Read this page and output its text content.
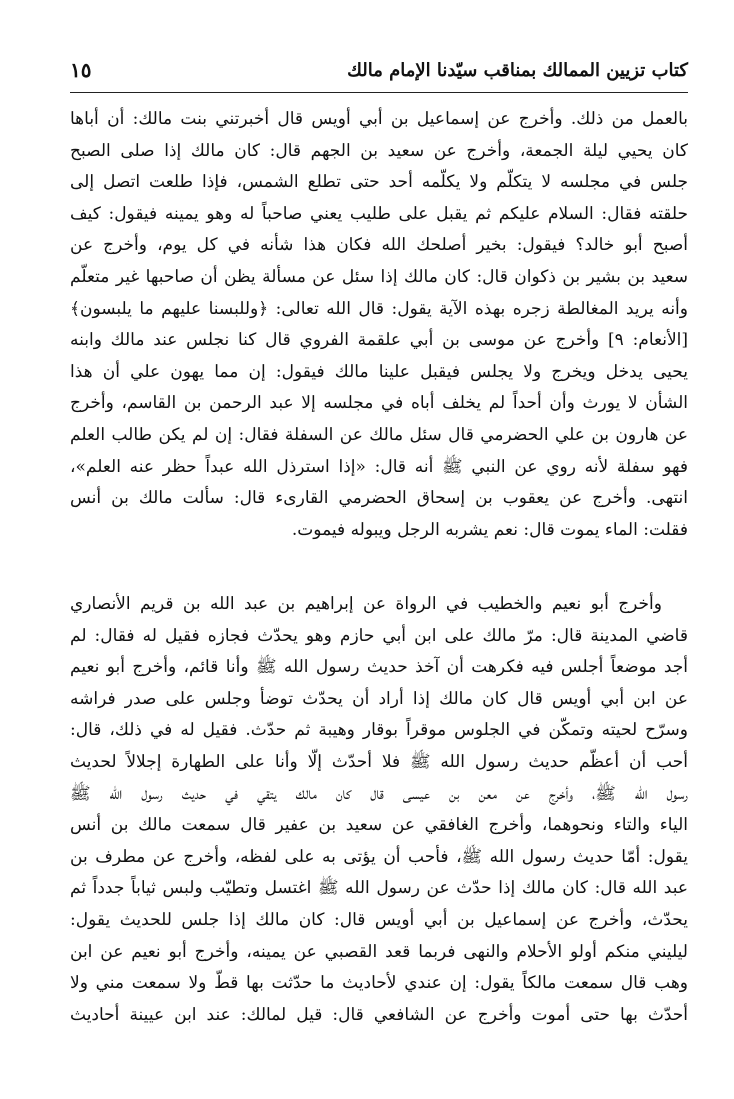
كتاب تزيين الممالك بمناقب سيّدنا الإمام مالك
١٥
بالعمل من ذلك. وأخرج عن إسماعيل بن أبي أويس قال أخبرتني بنت مالك: أن أباها
كان يحيي ليلة الجمعة، وأخرج عن سعيد بن الجهم قال: كان مالك إذا صلى الصبح
جلس في مجلسه لا يتكلّم ولا يكلّمه أحد حتى تطلع الشمس، فإذا طلعت اتصل إلى
حلقته فقال: السلام عليكم ثم يقبل على طليب يعني صاحباً له وهو يمينه فيقول: كيف
أصبح أبو خالد؟ فيقول: بخير أصلحك الله فكان هذا شأنه في كل يوم، وأخرج عن
سعيد بن بشير بن ذكوان قال: كان مالك إذا سئل عن مسألة يظن أن صاحبها غير متعلّم
وأنه يريد المغالطة زجره بهذه الآية يقول: قال الله تعالى: ﴿وللبسنا عليهم ما يلبسون﴾
[الأنعام: ٩] وأخرج عن موسى بن أبي علقمة الفروي قال كنا نجلس عند مالك وابنه
يحيى يدخل ويخرج ولا يجلس فيقبل علينا مالك فيقول: إن مما يهون علي أن هذا
الشأن لا يورث وأن أحداً لم يخلف أباه في مجلسه إلا عبد الرحمن بن القاسم، وأخرج
عن هارون بن علي الحضرمي قال سئل مالك عن السفلة فقال: إن لم يكن طالب العلم
فهو سفلة لأنه روي عن النبي ﷺ أنه قال: «إذا استرذل الله عبداً حظر عنه العلم»،
انتهى. وأخرج عن يعقوب بن إسحاق الحضرمي القارىء قال: سألت مالك بن أنس
فقلت: الماء يموت قال: نعم يشربه الرجل ويبوله فيموت.
وأخرج أبو نعيم والخطيب في الرواة عن إبراهيم بن عبد الله بن قريم الأنصاري
قاضي المدينة قال: مرّ مالك على ابن أبي حازم وهو يحدّث فجازه فقيل له فقال: لم
أجد موضعاً أجلس فيه فكرهت أن آخذ حديث رسول الله ﷺ وأنا قائم، وأخرج أبو نعيم
عن ابن أبي أويس قال كان مالك إذا أراد أن يحدّث توضأ وجلس على صدر فراشه
وسرّح لحيته وتمكّن في الجلوس موقراً بوقار وهيبة ثم حدّث. فقيل له في ذلك، قال:
أحب أن أعظّم حديث رسول الله ﷺ فلا أحدّث إلّا وأنا على الطهارة إجلالاً لحديث
رسول الله ﷺ، وأخرج عن معن بن عيسى قال كان مالك يتقي في حديث رسول الله ﷺ
الياء والتاء ونحوهما، وأخرج الغافقي عن سعيد بن عفير قال سمعت مالك بن أنس
يقول: أمّا حديث رسول الله ﷺ، فأحب أن يؤتى به على لفظه، وأخرج عن مطرف بن
عبد الله قال: كان مالك إذا حدّث عن رسول الله ﷺ اغتسل وتطيّب ولبس ثياباً جدداً ثم
يحدّث، وأخرج عن إسماعيل بن أبي أويس قال: كان مالك إذا جلس للحديث يقول:
ليليني منكم أولو الأحلام والنهى فربما قعد القصبي عن يمينه، وأخرج أبو نعيم عن ابن
وهب قال سمعت مالكاً يقول: إن عندي لأحاديث ما حدّثت بها قطّ ولا سمعت مني ولا
أحدّث بها حتى أموت وأخرج عن الشافعي قال: قيل لمالك: عند ابن عيينة أحاديث
